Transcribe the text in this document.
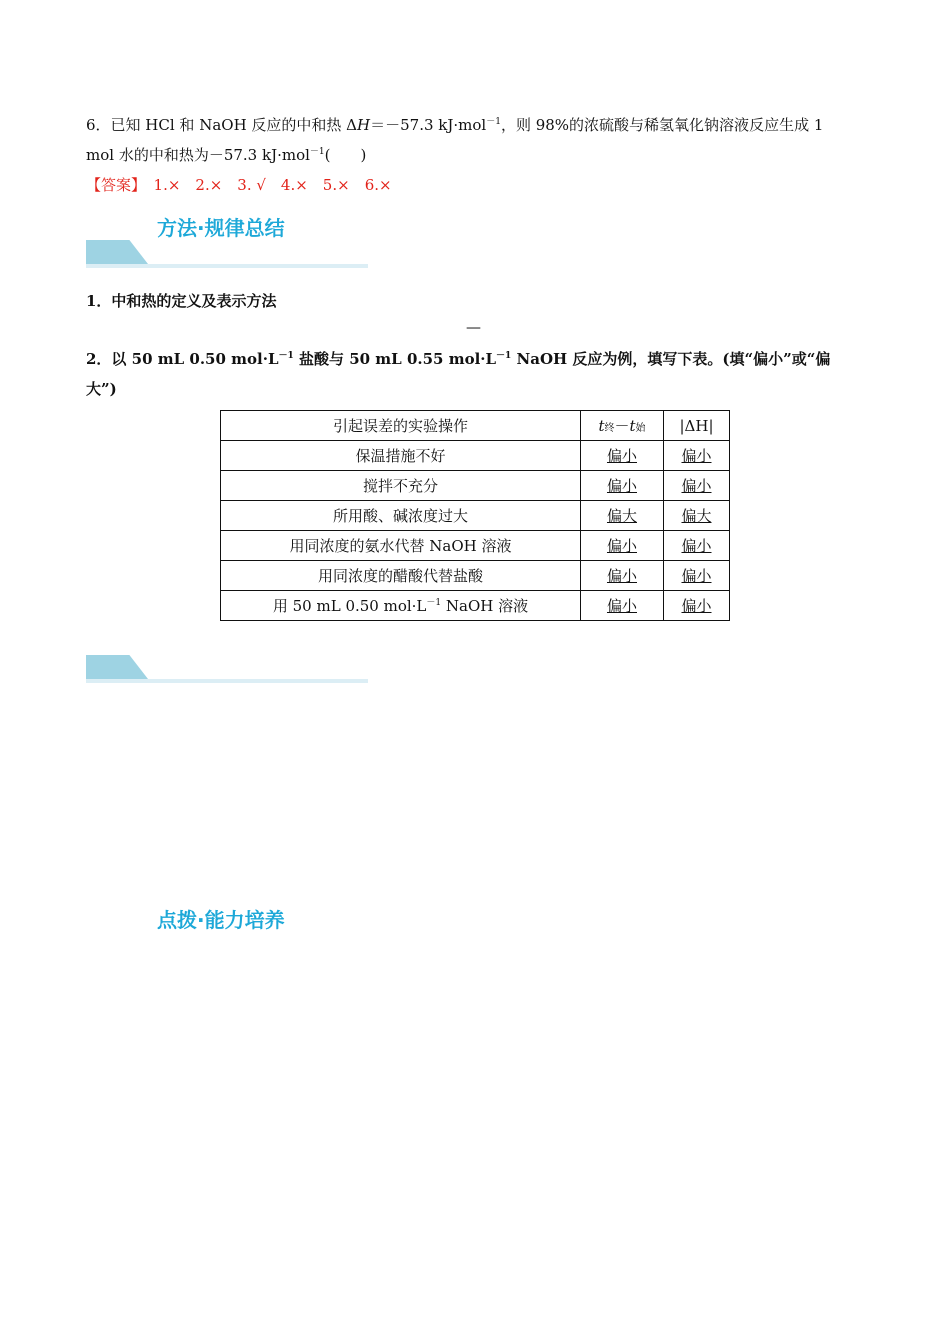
6．已知 HCl 和 NaOH 反应的中和热 ΔH＝－57.3 kJ·mol$^{-1}$，则 98%的浓硫酸与稀氢氧化钠溶液反应生成 1
mol 水的中和热为－57.3 kJ·mol$^{-1}$(　　)
【答案】　 1.×　2.×　3. √　4.×　5.×　6.×
方法·规律总结
1．中和热的定义及表示方法
—
2．以 50 mL 0.50 $mol\cdot L^{-1}$ 盐酸与 50 mL 0.55 $mol\cdot L^{-1}$ NaOH 反应为例，填写下表。(填“偏小”或“偏
大”)
引起误差的实验操作	t终－t始	|ΔH|
保温措施不好	偏小	偏小
搅拌不充分	偏小	偏小
所用酸、碱浓度过大	偏大	偏大
用同浓度的氨水代替 NaOH 溶液	偏小	偏小
用同浓度的醋酸代替盐酸	偏小	偏小
用 50 mL 0.50 $mol\cdot L^{-1}$ NaOH 溶液	偏小	偏小
点拨·能力培养
